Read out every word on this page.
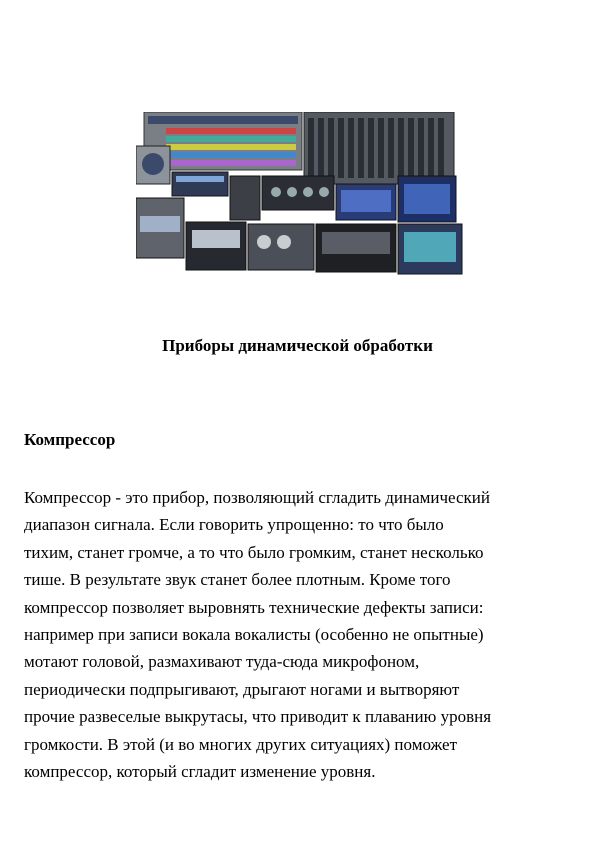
Приборы динамической обработки
Компрессор

Компрессор - это прибор, позволяющий сгладить динамический
диапазон сигнала. Если говорить упрощенно: то что было
тихим, станет громче, а то что было громким, станет несколько
тише. В результате звук станет более плотным. Кроме того
компрессор позволяет выровнять технические дефекты записи:
например при записи вокала вокалисты (особенно не опытные)
мотают головой, размахивают туда-сюда микрофоном,
периодически подпрыгивают, дрыгают ногами и вытворяют
прочие развеселые выкрутасы, что приводит к плаванию уровня
громкости. В этой (и во многих других ситуациях) поможет
компрессор, который сгладит изменение уровня.
